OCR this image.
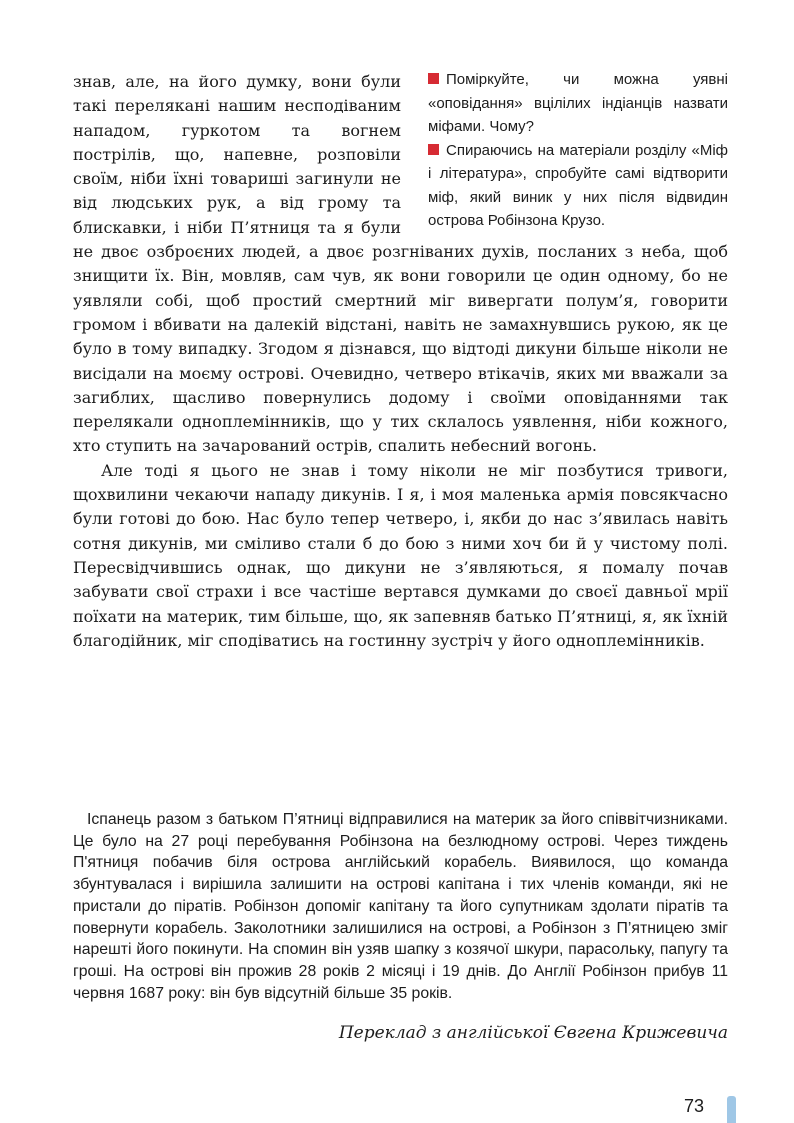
Поміркуйте, чи можна уявні «оповідання» вцілілих індіанців назвати міфами. Чому?

Спираючись на матеріали розділу «Міф і література», спробуйте самі відтворити міф, який виник у них після відвидин острова Робінзона Крузо.

знав, але, на його думку, вони були такі перелякані нашим несподіваним нападом, гуркотом та вогнем пострілів, що, напевне, розповіли своїм, ніби їхні товариші загинули не від людських рук, а від грому та блискавки, і ніби П’ятниця та я були не двоє озброєних людей, а двоє розгніваних духів, посланих з неба, щоб знищити їх. Він, мовляв, сам чув, як вони говорили це один одному, бо не уявляли собі, щоб простий смертний міг вивергати полум’я, говорити громом і вбивати на далекій відстані, навіть не замахнувшись рукою, як це було в тому випадку. Згодом я дізнався, що відтоді дикуни більше ніколи не висідали на моєму острові. Очевидно, четверо втікачів, яких ми вважали за загиблих, щасливо повернулись додому і своїми оповіданнями так перелякали одноплемінників, що у тих склалось уявлення, ніби кожного, хто ступить на зачарований острів, спалить небесний вогонь.

Але тоді я цього не знав і тому ніколи не міг позбутися тривоги, щохвилини чекаючи нападу дикунів. І я, і моя маленька армія повсякчасно були готові до бою. Нас було тепер четверо, і, якби до нас з’явилась навіть сотня дикунів, ми сміливо стали б до бою з ними хоч би й у чистому полі. Пересвідчившись однак, що дикуни не з’являються, я помалу почав забувати свої страхи і все частіше вертався думками до своєї давньої мрії поїхати на материк, тим більше, що, як запевняв батько П’ятниці, я, як їхній благодійник, міг сподіватись на гостинну зустріч у його одноплемінників.

Іспанець разом з батьком П’ятниці відправилися на материк за його співвітчизниками. Це було на 27 році перебування Робінзона на безлюдному острові. Через тиждень П'ятниця побачив біля острова англійський корабель. Виявилося, що команда збунтувалася і вирішила залишити на острові капітана і тих членів команди, які не пристали до піратів. Робінзон допоміг капітану та його супутникам здолати піратів та повернути корабель. Заколотники залишилися на острові, а Робінзон з П’ятницею зміг нарешті його покинути. На спомин він узяв шапку з козячої шкури, парасольку, папугу та гроші. На острові він прожив 28 років 2 місяці і 19 днів. До Англії Робінзон прибув 11 червня 1687 року: він був відсутній більше 35 років.

Переклад з англійської Євгена Крижевича

73
